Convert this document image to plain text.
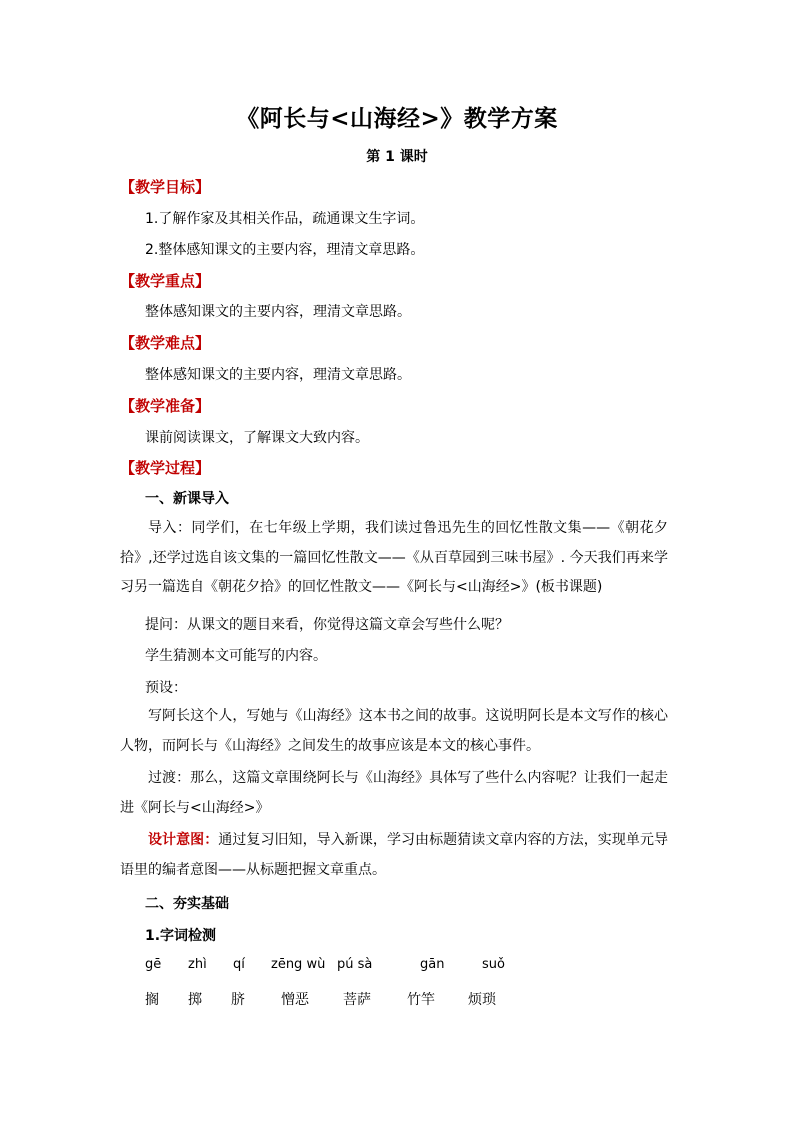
《阿长与<山海经>》教学方案
第 1 课时
【教学目标】
1.了解作家及其相关作品，疏通课文生字词。
2.整体感知课文的主要内容，理清文章思路。
【教学重点】
整体感知课文的主要内容，理清文章思路。
【教学难点】
整体感知课文的主要内容，理清文章思路。
【教学准备】
课前阅读课文，了解课文大致内容。
【教学过程】
一、新课导入
导入：同学们，在七年级上学期，我们读过鲁迅先生的回忆性散文集——《朝花夕拾》,还学过选自该文集的一篇回忆性散文——《从百草园到三味书屋》. 今天我们再来学习另一篇选自《朝花夕拾》的回忆性散文——《阿长与<山海经>》(板书课题)
提问：从课文的题目来看，你觉得这篇文章会写些什么呢？
学生猜测本文可能写的内容。
预设：
写阿长这个人，写她与《山海经》这本书之间的故事。这说明阿长是本文写作的核心人物，而阿长与《山海经》之间发生的故事应该是本文的核心事件。
过渡：那么，这篇文章围绕阿长与《山海经》具体写了些什么内容呢？让我们一起走进《阿长与<山海经>》
设计意图：通过复习旧知，导入新课，学习由标题猜读文章内容的方法，实现单元导语里的编者意图——从标题把握文章重点。
二、夯实基础
1.字词检测
gē zhì qí zēng wù pú sà	gān	suǒ
搁 掷 脐	憎恶 菩萨	竹竿 烦琐
